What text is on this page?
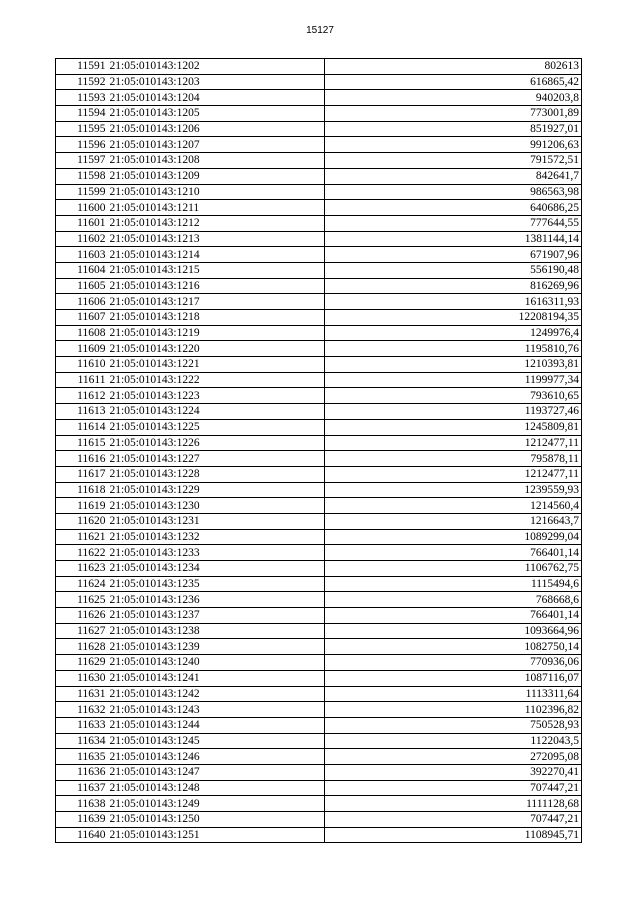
15127
11591	21:05:010143:1202	802613
11592	21:05:010143:1203	616865,42
11593	21:05:010143:1204	940203,8
11594	21:05:010143:1205	773001,89
11595	21:05:010143:1206	851927,01
11596	21:05:010143:1207	991206,63
11597	21:05:010143:1208	791572,51
11598	21:05:010143:1209	842641,7
11599	21:05:010143:1210	986563,98
11600	21:05:010143:1211	640686,25
11601	21:05:010143:1212	777644,55
11602	21:05:010143:1213	1381144,14
11603	21:05:010143:1214	671907,96
11604	21:05:010143:1215	556190,48
11605	21:05:010143:1216	816269,96
11606	21:05:010143:1217	1616311,93
11607	21:05:010143:1218	12208194,35
11608	21:05:010143:1219	1249976,4
11609	21:05:010143:1220	1195810,76
11610	21:05:010143:1221	1210393,81
11611	21:05:010143:1222	1199977,34
11612	21:05:010143:1223	793610,65
11613	21:05:010143:1224	1193727,46
11614	21:05:010143:1225	1245809,81
11615	21:05:010143:1226	1212477,11
11616	21:05:010143:1227	795878,11
11617	21:05:010143:1228	1212477,11
11618	21:05:010143:1229	1239559,93
11619	21:05:010143:1230	1214560,4
11620	21:05:010143:1231	1216643,7
11621	21:05:010143:1232	1089299,04
11622	21:05:010143:1233	766401,14
11623	21:05:010143:1234	1106762,75
11624	21:05:010143:1235	1115494,6
11625	21:05:010143:1236	768668,6
11626	21:05:010143:1237	766401,14
11627	21:05:010143:1238	1093664,96
11628	21:05:010143:1239	1082750,14
11629	21:05:010143:1240	770936,06
11630	21:05:010143:1241	1087116,07
11631	21:05:010143:1242	1113311,64
11632	21:05:010143:1243	1102396,82
11633	21:05:010143:1244	750528,93
11634	21:05:010143:1245	1122043,5
11635	21:05:010143:1246	272095,08
11636	21:05:010143:1247	392270,41
11637	21:05:010143:1248	707447,21
11638	21:05:010143:1249	1111128,68
11639	21:05:010143:1250	707447,21
11640	21:05:010143:1251	1108945,71
